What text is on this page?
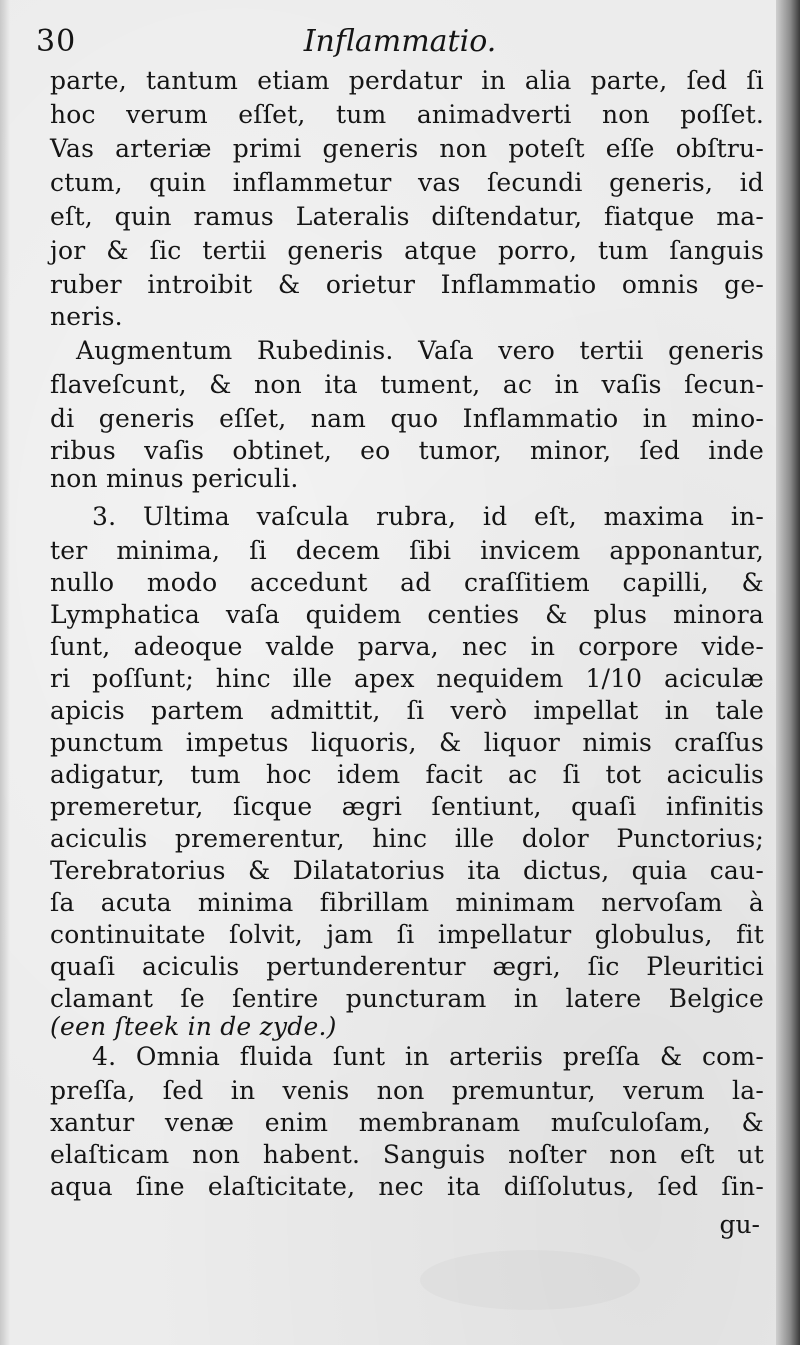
30	Inflammatio.
parte, tantum etiam perdatur in alia parte, ſed ſi
hoc verum eſſet, tum animadverti non poſſet.
Vas arteriæ primi generis non poteſt eſſe obſtru-
ctum, quin inflammetur vas ſecundi generis, id
eſt, quin ramus Lateralis diſtendatur, fiatque ma-
jor & ſic tertii generis atque porro, tum ſanguis
ruber introibit & orietur Inflammatio omnis ge-
neris.
Augmentum Rubedinis. Vaſa vero tertii generis
flaveſcunt, & non ita tument, ac in vaſis ſecun-
di generis eſſet, nam quo Inflammatio in mino-
ribus vaſis obtinet, eo tumor, minor, ſed inde
non minus periculi.
3. Ultima vaſcula rubra, id eſt, maxima in-
ter minima, ſi decem ſibi invicem apponantur,
nullo modo accedunt ad craſſitiem capilli, &
Lymphatica vaſa quidem centies & plus minora
ſunt, adeoque valde parva, nec in corpore vide-
ri poſſunt; hinc ille apex nequidem 1/10 aciculæ
apicis partem admittit, ſi verò impellat in tale
punctum impetus liquoris, & liquor nimis craſſus
adigatur, tum hoc idem facit ac ſi tot aciculis
premeretur, ſicque ægri ſentiunt, quaſi infinitis
aciculis premerentur, hinc ille dolor Punctorius;
Terebratorius & Dilatatorius ita dictus, quia cau-
ſa acuta minima fibrillam minimam nervoſam à
continuitate ſolvit, jam ſi impellatur globulus, fit
quaſi aciculis pertunderentur ægri, ſic Pleuritici
clamant ſe ſentire puncturam in latere Belgice
(een ſteek in de zyde.)
4. Omnia fluida ſunt in arteriis preſſa & com-
preſſa, ſed in venis non premuntur, verum la-
xantur venæ enim membranam muſculoſam, &
elaſticam non habent. Sanguis noſter non eſt ut
aqua ſine elaſticitate, nec ita diſſolutus, ſed ſin-
gu-
